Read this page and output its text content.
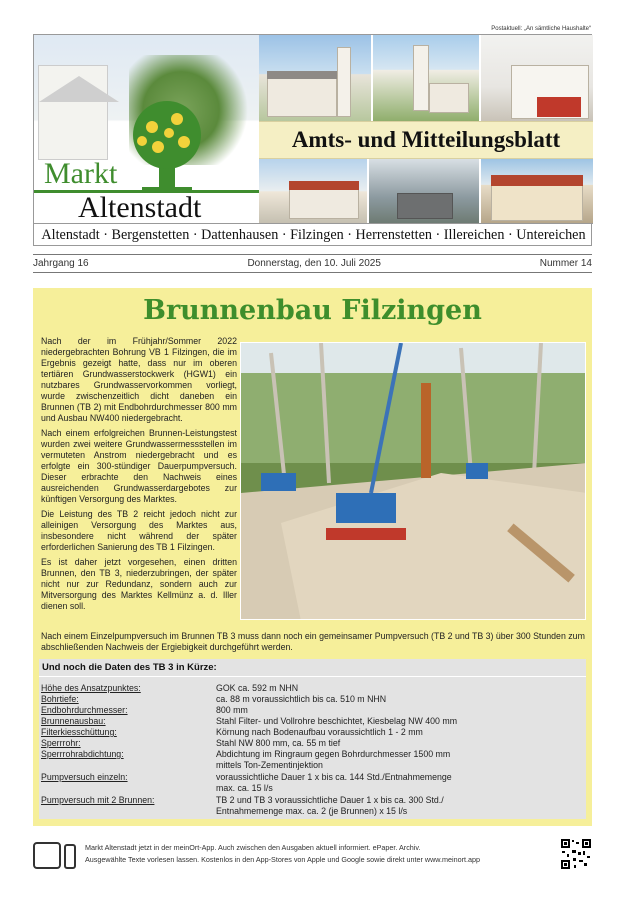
Postaktuell: „An sämtliche Haushalte“
Markt
Altenstadt
Amts- und Mitteilungsblatt
Altenstadt · Bergenstetten · Dattenhausen · Filzingen · Herrenstetten · Illereichen · Untereichen
Jahrgang 16	Donnerstag, den 10. Juli 2025	Nummer 14
Brunnenbau Filzingen

Nach der im Frühjahr/Sommer 2022 niedergebrachten Bohrung VB 1 Filzingen, die im Ergebnis gezeigt hatte, dass nur im oberen tertiären Grundwasserstockwerk (HGW1) ein nutzbares Grundwasservorkommen vorliegt, wurde zwischenzeitlich dicht daneben ein Brunnen (TB 2) mit Endbohrdurchmesser 800 mm und Ausbau NW400 niedergebracht.

Nach einem erfolgreichen Brunnen-Leistungstest wurden zwei weitere Grundwassermessstellen im vermuteten Anstrom niedergebracht und es erfolgte ein 300-stündiger Dauerpumpversuch. Dieser erbrachte den Nachweis eines ausreichenden Grundwasserdargebotes zur künftigen Versorgung des Marktes.

Die Leistung des TB 2 reicht jedoch nicht zur alleinigen Versorgung des Marktes aus, insbesondere nicht während der später erforderlichen Sanierung des TB 1 Filzingen.

Es ist daher jetzt vorgesehen, einen dritten Brunnen, den TB 3, niederzubringen, der später nicht nur zur Redundanz, sondern auch zur Mitversorgung des Marktes Kellmünz a. d. Iller dienen soll.

Nach einem Einzelpumpversuch im Brunnen TB 3 muss dann noch ein gemeinsamer Pumpversuch (TB 2 und TB 3) über 300 Stunden zum abschließenden Nachweis der Ergiebigkeit durchgeführt werden.
Und noch die Daten des TB 3 in Kürze:
Höhe des Ansatzpunktes:	GOK ca. 592 m NHN
Bohrtiefe:	ca. 88 m voraussichtlich bis ca. 510 m NHN
Endbohrdurchmesser:	800 mm
Brunnenausbau:	Stahl Filter- und Vollrohre beschichtet, Kiesbelag NW 400 mm
Filterkiesschüttung:	Körnung nach Bodenaufbau voraussichtlich 1 - 2 mm
Sperrrohr:	Stahl NW 800 mm, ca. 55 m tief
Sperrrohrabdichtung:	Abdichtung im Ringraum gegen Bohrdurchmesser 1500 mm
mittels Ton-Zementinjektion
Pumpversuch einzeln:	voraussichtliche Dauer 1 x bis ca. 144 Std./Entnahmemenge
max. ca. 15 l/s
Pumpversuch mit 2 Brunnen:	TB 2 und TB 3 voraussichtliche Dauer 1 x bis ca. 300 Std./
Entnahmemenge max. ca. 2 (je Brunnen) x 15 l/s
Markt Altenstadt jetzt in der meinOrt-App. Auch zwischen den Ausgaben aktuell informiert. ePaper. Archiv.
Ausgewählte Texte vorlesen lassen. Kostenlos in den App-Stores von Apple und Google sowie direkt unter www.meinort.app
